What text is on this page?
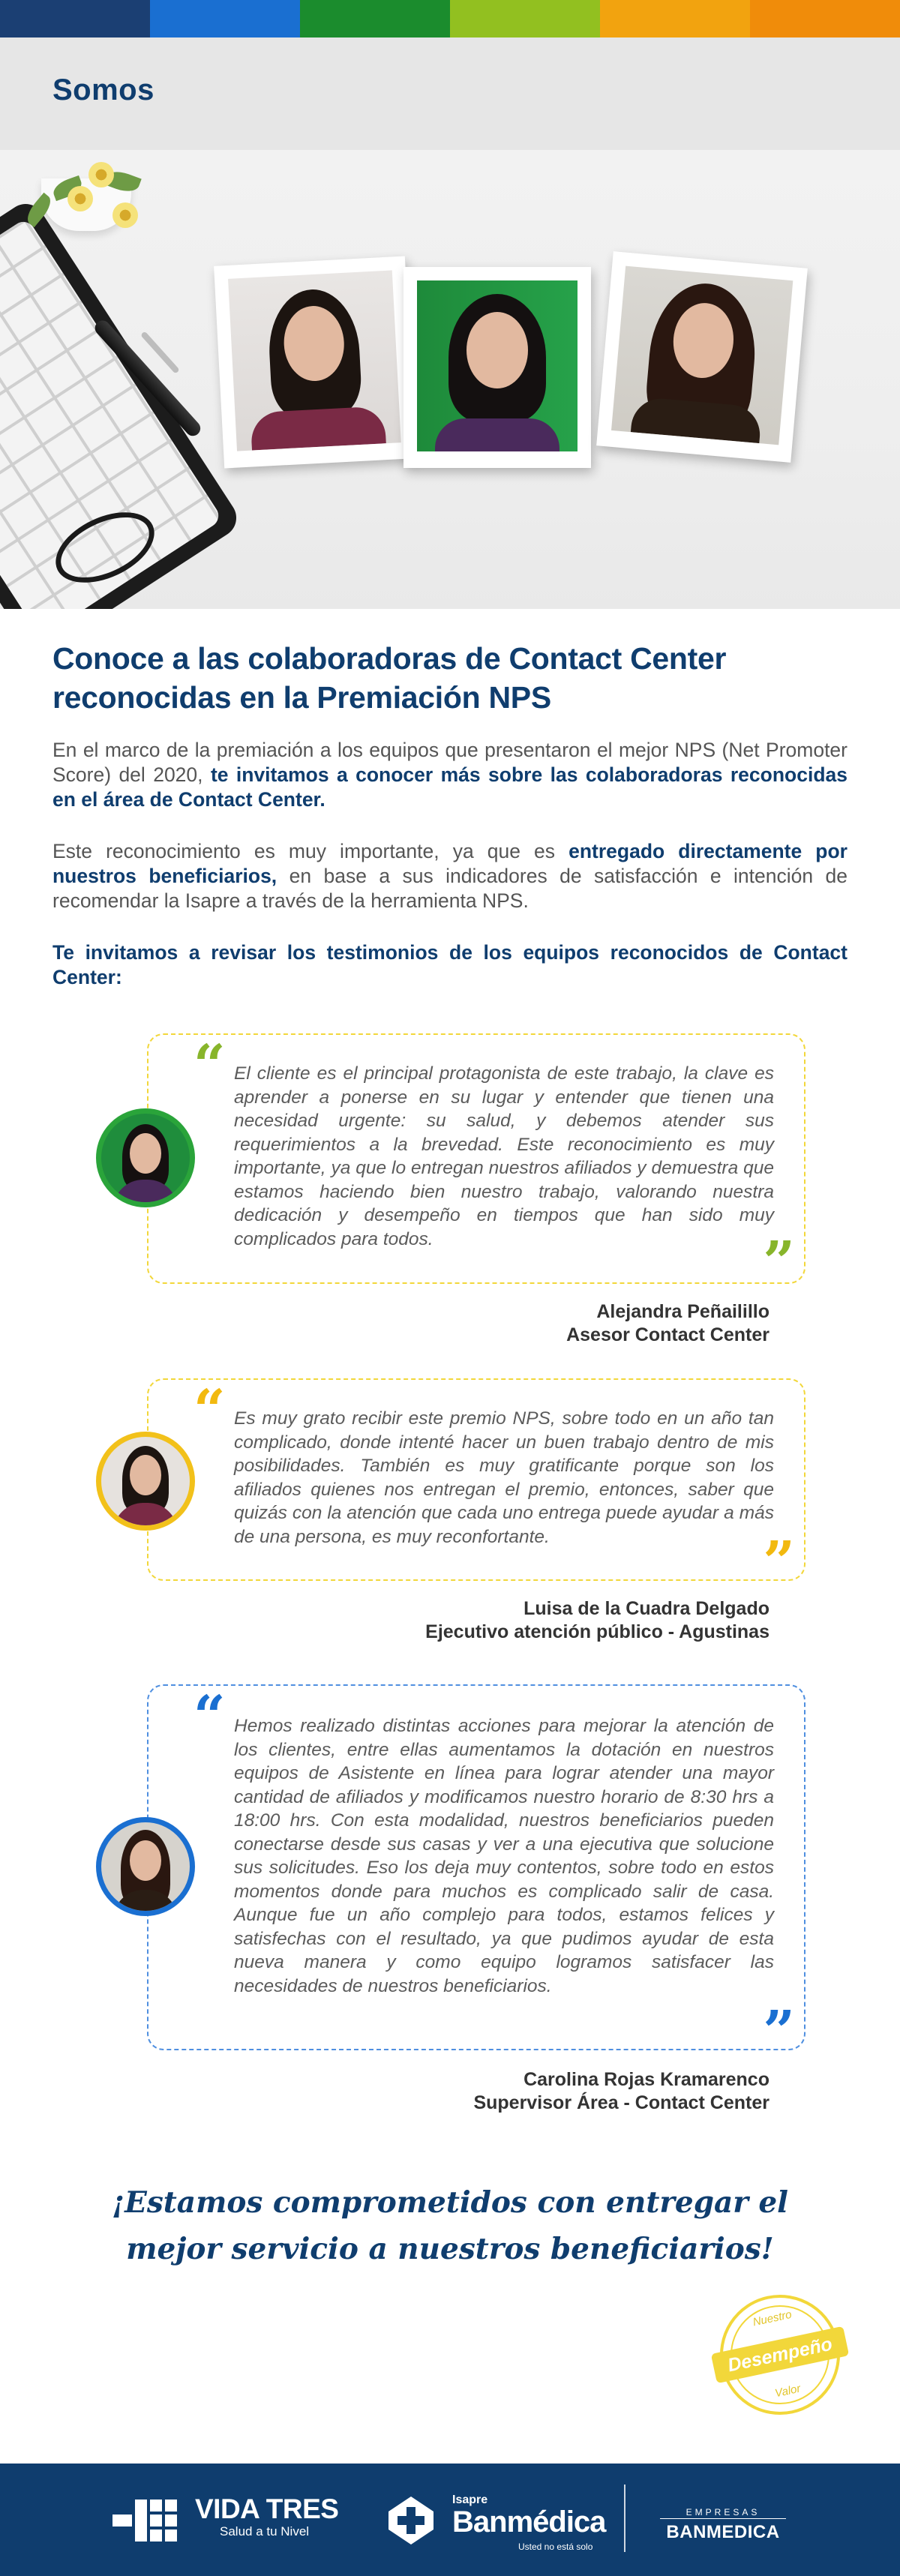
Somos
Conoce a las colaboradoras de Contact Center
reconocidas en la Premiación NPS

En el marco de la premiación a los equipos que presentaron el mejor NPS (Net Promoter Score) del 2020, te invitamos a conocer más sobre las colaboradoras reconocidas en el área de Contact Center.

Este reconocimiento es muy importante, ya que es entregado directamente por nuestros beneficiarios, en base a sus indicadores de satisfacción e intención de recomendar la Isapre a través de la herramienta NPS.

Te invitamos a revisar los testimonios de los equipos reconocidos de Contact Center:

“ El cliente es el principal protagonista de este trabajo, la clave es aprender a ponerse en su lugar y entender que tienen una necesidad urgente: su salud, y debemos atender sus requerimientos a la brevedad. Este reconocimiento es muy importante, ya que lo entregan nuestros afiliados y demuestra que estamos haciendo bien nuestro trabajo, valorando nuestra dedicación y desempeño en tiempos que han sido muy complicados para todos.	”
Alejandra Peñailillo
Asesor Contact Center
“ Es muy grato recibir este premio NPS, sobre todo en un año tan complicado, donde intenté hacer un buen trabajo dentro de mis posibilidades. También es muy gratificante porque son los afiliados quienes nos entregan el premio, entonces, saber que quizás con la atención que cada uno entrega puede ayudar a más de una persona, es muy reconfortante.	”
Luisa de la Cuadra Delgado
Ejecutivo atención público - Agustinas
“ Hemos realizado distintas acciones para mejorar la atención de los clientes, entre ellas aumentamos la dotación en nuestros equipos de Asistente en línea para lograr atender una mayor cantidad de afiliados y modificamos nuestro horario de 8:30 hrs a 18:00 hrs. Con esta modalidad, nuestros beneficiarios pueden conectarse desde sus casas y ver a una ejecutiva que solucione sus solicitudes. Eso los deja muy contentos, sobre todo en estos momentos donde para muchos es complicado salir de casa. Aunque fue un año complejo para todos, estamos felices y satisfechas con el resultado, ya que pudimos ayudar de esta nueva manera y como equipo logramos satisfacer las necesidades de nuestros beneficiarios.
”
Carolina Rojas Kramarenco
Supervisor Área - Contact Center
¡Estamos comprometidos con entregar el
mejor servicio a nuestros beneficiarios!
Nuestro
Desempeño
Valor
VIDA TRES
Salud a tu Nivel
Isapre
Banmédica
Usted no está solo
EMPRESAS
BANMEDICA
